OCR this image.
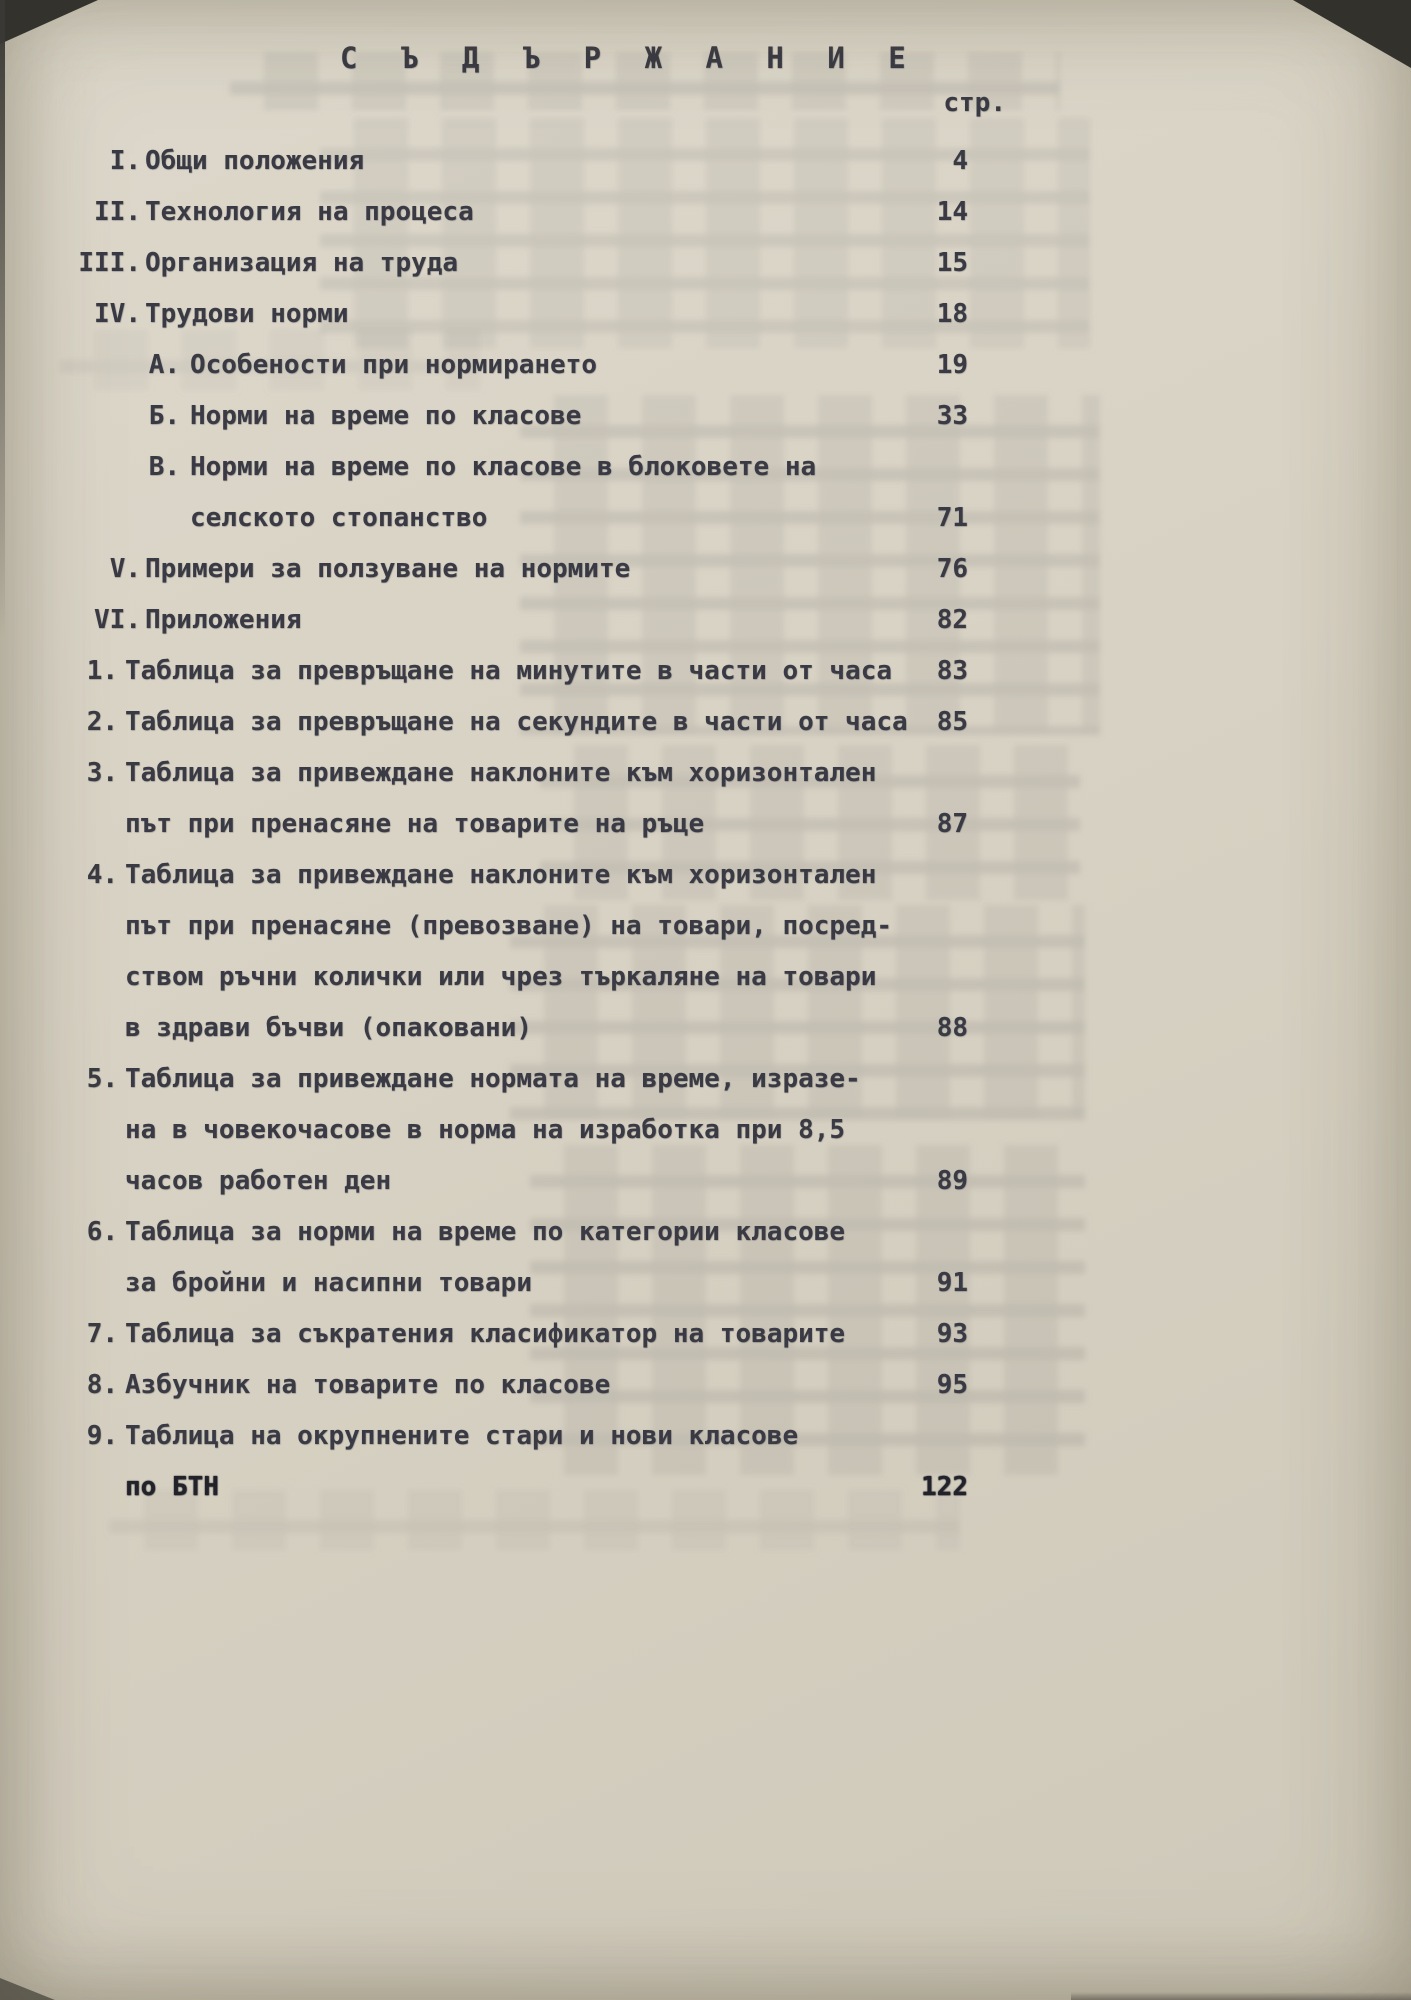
С Ъ Д Ъ Р Ж А Н И Е
стр.
I. Общи положения	4
II. Технология на процеса	14
III. Организация на труда	15
IV. Трудови норми	18
А. Особености при нормирането	19
Б. Норми на време по класове	33
В. Норми на време по класове в блоковете на
селското стопанство	71
V. Примери за ползуване на нормите	76
VI. Приложения	82
1. Таблица за превръщане на минутите в части от часа	83
2. Таблица за превръщане на секундите в части от часа	85
3. Таблица за привеждане наклоните към хоризонтален
път при пренасяне на товарите на ръце	87
4. Таблица за привеждане наклоните към хоризонтален
път при пренасяне (превозване) на товари, посред-
ством ръчни колички или чрез търкаляне на товари
в здрави бъчви (опаковани)	88
5. Таблица за привеждане нормата на време, изразе-
на в човекочасове в норма на изработка при 8,5
часов работен ден	89
6. Таблица за норми на време по категории класове
за бройни и насипни товари	91
7. Таблица за съкратения класификатор на товарите	93
8. Азбучник на товарите по класове	95
9. Таблица на окрупнените стари и нови класове
по БТН	122
